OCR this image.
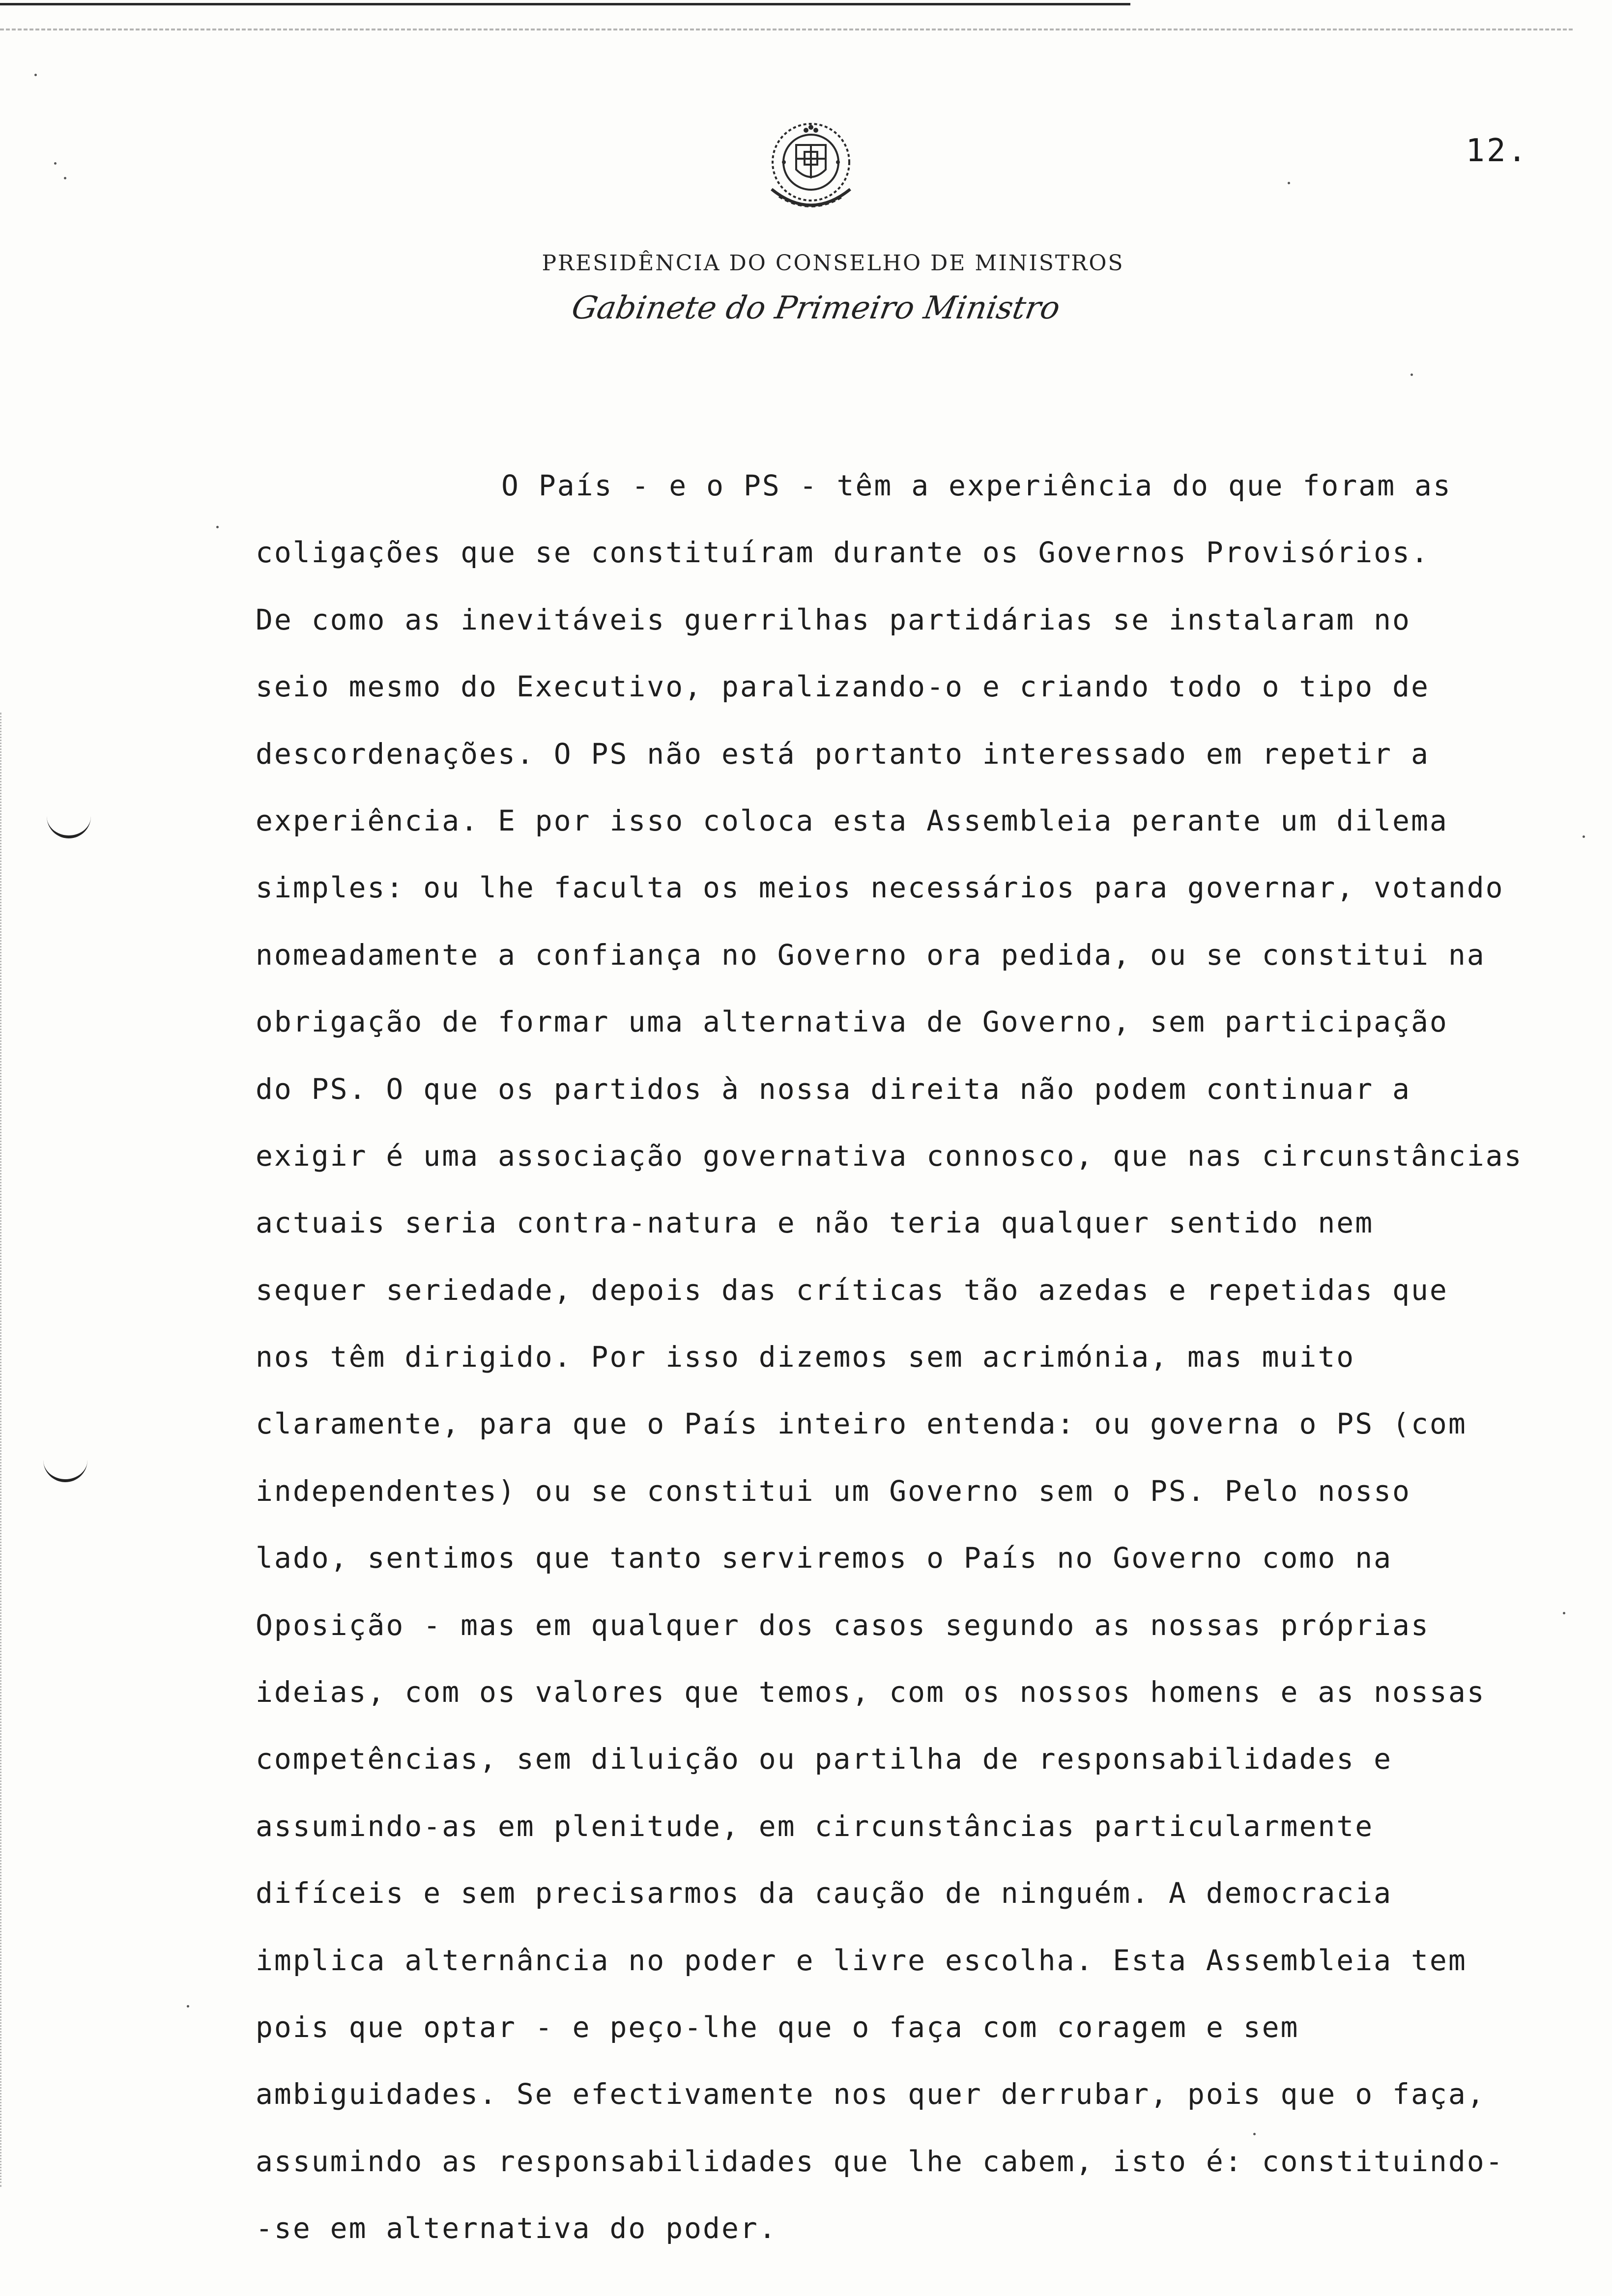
12.
PRESIDÊNCIA DO CONSELHO DE MINISTROS
Gabinete do Primeiro Ministro
O País - e o PS - têm a experiência do que foram as
coligações que se constituíram durante os Governos Provisórios.
De como as inevitáveis guerrilhas partidárias se instalaram no
seio mesmo do Executivo, paralizando-o e criando todo o tipo de
descordenações. O PS não está portanto interessado em repetir a
experiência. E por isso coloca esta Assembleia perante um dilema
simples: ou lhe faculta os meios necessários para governar, votando
nomeadamente a confiança no Governo ora pedida, ou se constitui na
obrigação de formar uma alternativa de Governo, sem participação
do PS. O que os partidos à nossa direita não podem continuar a
exigir é uma associação governativa connosco, que nas circunstâncias
actuais seria contra-natura e não teria qualquer sentido nem
sequer seriedade, depois das críticas tão azedas e repetidas que
nos têm dirigido. Por isso dizemos sem acrimónia, mas muito
claramente, para que o País inteiro entenda: ou governa o PS (com
independentes) ou se constitui um Governo sem o PS. Pelo nosso
lado, sentimos que tanto serviremos o País no Governo como na
Oposição - mas em qualquer dos casos segundo as nossas próprias
ideias, com os valores que temos, com os nossos homens e as nossas
competências, sem diluição ou partilha de responsabilidades e
assumindo-as em plenitude, em circunstâncias particularmente
difíceis e sem precisarmos da caução de ninguém. A democracia
implica alternância no poder e livre escolha. Esta Assembleia tem
pois que optar - e peço-lhe que o faça com coragem e sem
ambiguidades. Se efectivamente nos quer derrubar, pois que o faça,
assumindo as responsabilidades que lhe cabem, isto é: constituindo-
-se em alternativa do poder.
